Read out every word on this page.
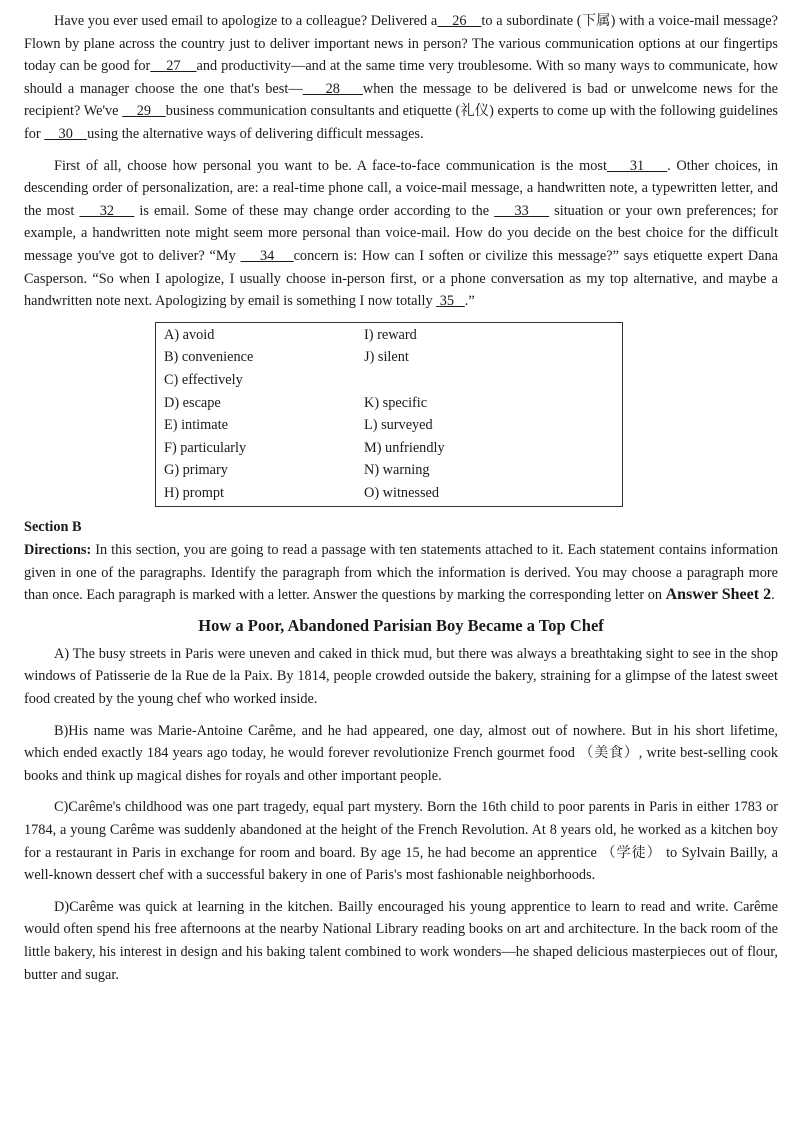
Have you ever used email to apologize to a colleague? Delivered a 26 to a subordinate (下属) with a voice-mail message? Flown by plane across the country just to deliver important news in person? The various communication options at our fingertips today can be good for 27 and productivity—and at the same time very troublesome. With so many ways to communicate, how should a manager choose the one that's best— 28 when the message to be delivered is bad or unwelcome news for the recipient? We've 29 business communication consultants and etiquette (礼仪) experts to come up with the following guidelines for 30 using the alternative ways of delivering difficult messages.

First of all, choose how personal you want to be. A face-to-face communication is the most 31 . Other choices, in descending order of personalization, are: a real-time phone call, a voice-mail message, a handwritten note, a typewritten letter, and the most 32 is email. Some of these may change order according to the 33 situation or your own preferences; for example, a handwritten note might seem more personal than voice-mail. How do you decide on the best choice for the difficult message you've got to deliver? “My 34 concern is: How can I soften or civilize this message?” says etiquette expert Dana Casperson. “So when I apologize, I usually choose in-person first, or a phone conversation as my top alternative, and maybe a handwritten note next. Apologizing by email is something I now totally 35 .”

A) avoid
B) convenience
C) effectively
D) escape
E) intimate
F) particularly
G) primary
H) prompt
I) reward
J) silent
K) specific
L) surveyed
M) unfriendly
N) warning
O) witnessed
Section B

Directions: In this section, you are going to read a passage with ten statements attached to it. Each statement contains information given in one of the paragraphs. Identify the paragraph from which the information is derived. You may choose a paragraph more than once. Each paragraph is marked with a letter. Answer the questions by marking the corresponding letter on Answer Sheet 2.

How a Poor, Abandoned Parisian Boy Became a Top Chef

A) The busy streets in Paris were uneven and caked in thick mud, but there was always a breathtaking sight to see in the shop windows of Patisserie de la Rue de la Paix. By 1814, people crowded outside the bakery, straining for a glimpse of the latest sweet food created by the young chef who worked inside.

B)His name was Marie-Antoine Carême, and he had appeared, one day, almost out of nowhere. But in his short lifetime, which ended exactly 184 years ago today, he would forever revolutionize French gourmet food （美食）, write best-selling cook books and think up magical dishes for royals and other important people.

C)Carême's childhood was one part tragedy, equal part mystery. Born the 16th child to poor parents in Paris in either 1783 or 1784, a young Carême was suddenly abandoned at the height of the French Revolution. At 8 years old, he worked as a kitchen boy for a restaurant in Paris in exchange for room and board. By age 15, he had become an apprentice （学徒） to Sylvain Bailly, a well-known dessert chef with a successful bakery in one of Paris's most fashionable neighborhoods.

D)Carême was quick at learning in the kitchen. Bailly encouraged his young apprentice to learn to read and write. Carême would often spend his free afternoons at the nearby National Library reading books on art and architecture. In the back room of the little bakery, his interest in design and his baking talent combined to work wonders—he shaped delicious masterpieces out of flour, butter and sugar.
